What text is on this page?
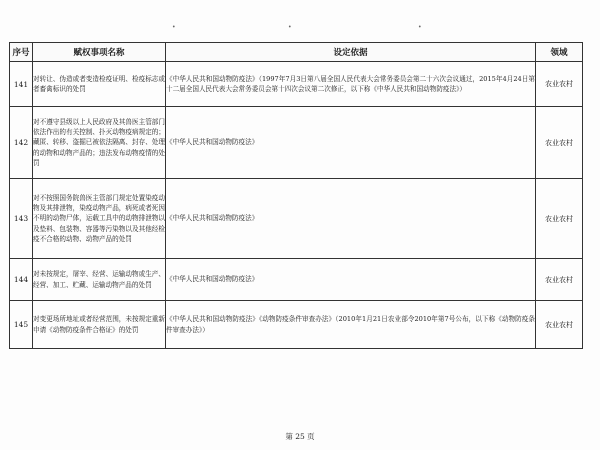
•	•	•
序号	赋权事项名称	设定依据	领域
141	对转让、伪造或者变造检疫证明、检疫标志或者畜禽标识的处罚	《中华人民共和国动物防疫法》（1997年7月3日第八届全国人民代表大会常务委员会第二十六次会议通过，2015年4月24日第十二届全国人民代表大会常务委员会第十四次会议第二次修正，以下称《中华人民共和国动物防疫法》）	农业农村
142	对不遵守县级以上人民政府及其兽医主管部门依法作出的有关控制、扑灭动物疫病规定的；藏匿、转移、盗掘已被依法隔离、封存、处理的动物和动物产品的；违法发布动物疫情的处罚	《中华人民共和国动物防疫法》	农业农村
143	对不按照国务院兽医主管部门规定处置染疫动物及其排泄物，染疫动物产品，病死或者死因不明的动物尸体，运载工具中的动物排泄物以及垫料、包装物、容器等污染物以及其他经检疫不合格的动物、动物产品的处罚	《中华人民共和国动物防疫法》	农业农村
144	对未按规定，屠宰、经营、运输动物或生产、经营、加工、贮藏、运输动物产品的处罚	《中华人民共和国动物防疫法》	农业农村
145	对变更场所地址或者经营范围，未按规定重新申请《动物防疫条件合格证》的处罚	《中华人民共和国动物防疫法》《动物防疫条件审查办法》（2010年1月21日农业部令2010年第7号公布，以下称《动物防疫条件审查办法》）	农业农村
第 25 页
